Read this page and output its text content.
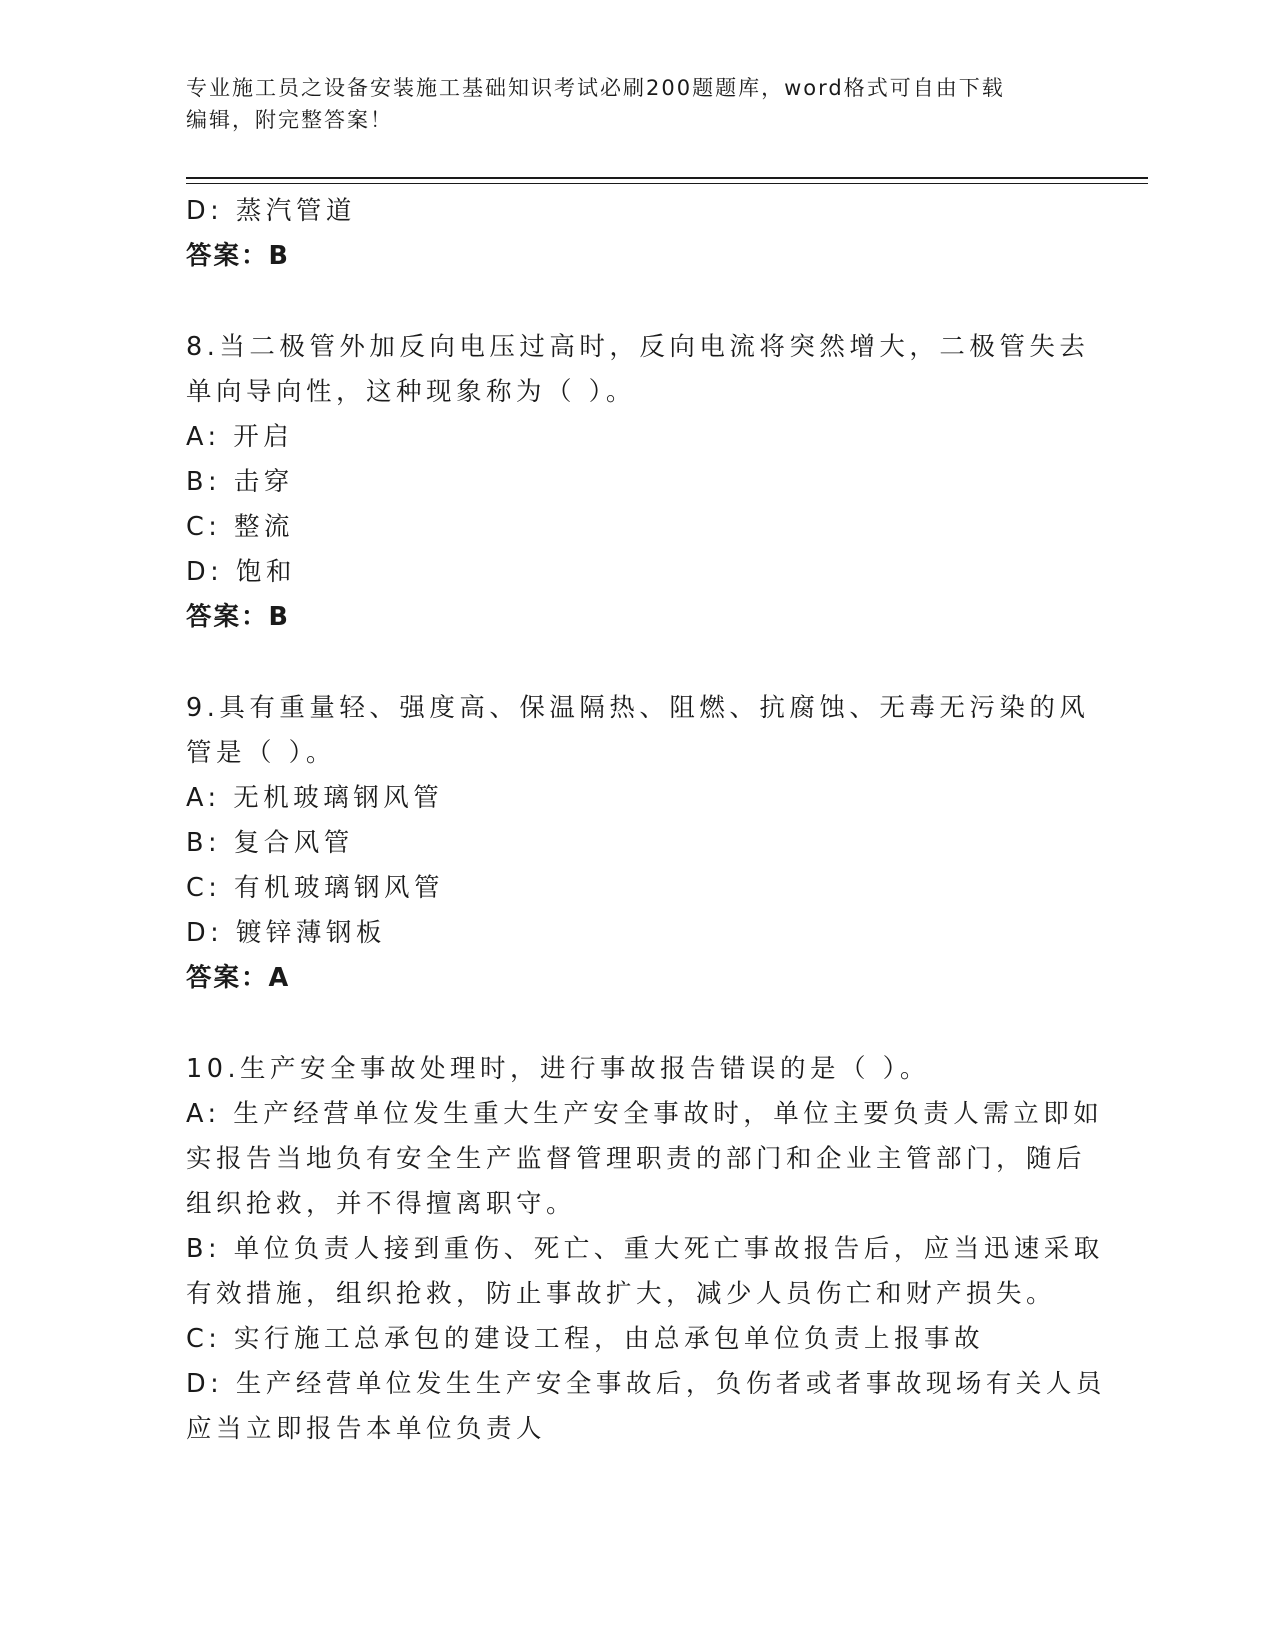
专业施工员之设备安装施工基础知识考试必刷200题题库，word格式可自由下载
编辑，附完整答案！
D: 蒸汽管道
答案：B
8.当二极管外加反向电压过高时，反向电流将突然增大，二极管失去
单向导向性，这种现象称为（ ）。
A: 开启
B: 击穿
C: 整流
D: 饱和
答案：B
9.具有重量轻、强度高、保温隔热、阻燃、抗腐蚀、无毒无污染的风
管是（ ）。
A: 无机玻璃钢风管
B: 复合风管
C: 有机玻璃钢风管
D: 镀锌薄钢板
答案：A
10.生产安全事故处理时，进行事故报告错误的是（ ）。
A: 生产经营单位发生重大生产安全事故时，单位主要负责人需立即如
实报告当地负有安全生产监督管理职责的部门和企业主管部门，随后
组织抢救，并不得擅离职守。
B: 单位负责人接到重伤、死亡、重大死亡事故报告后，应当迅速采取
有效措施，组织抢救，防止事故扩大，减少人员伤亡和财产损失。
C: 实行施工总承包的建设工程，由总承包单位负责上报事故
D: 生产经营单位发生生产安全事故后，负伤者或者事故现场有关人员
应当立即报告本单位负责人
